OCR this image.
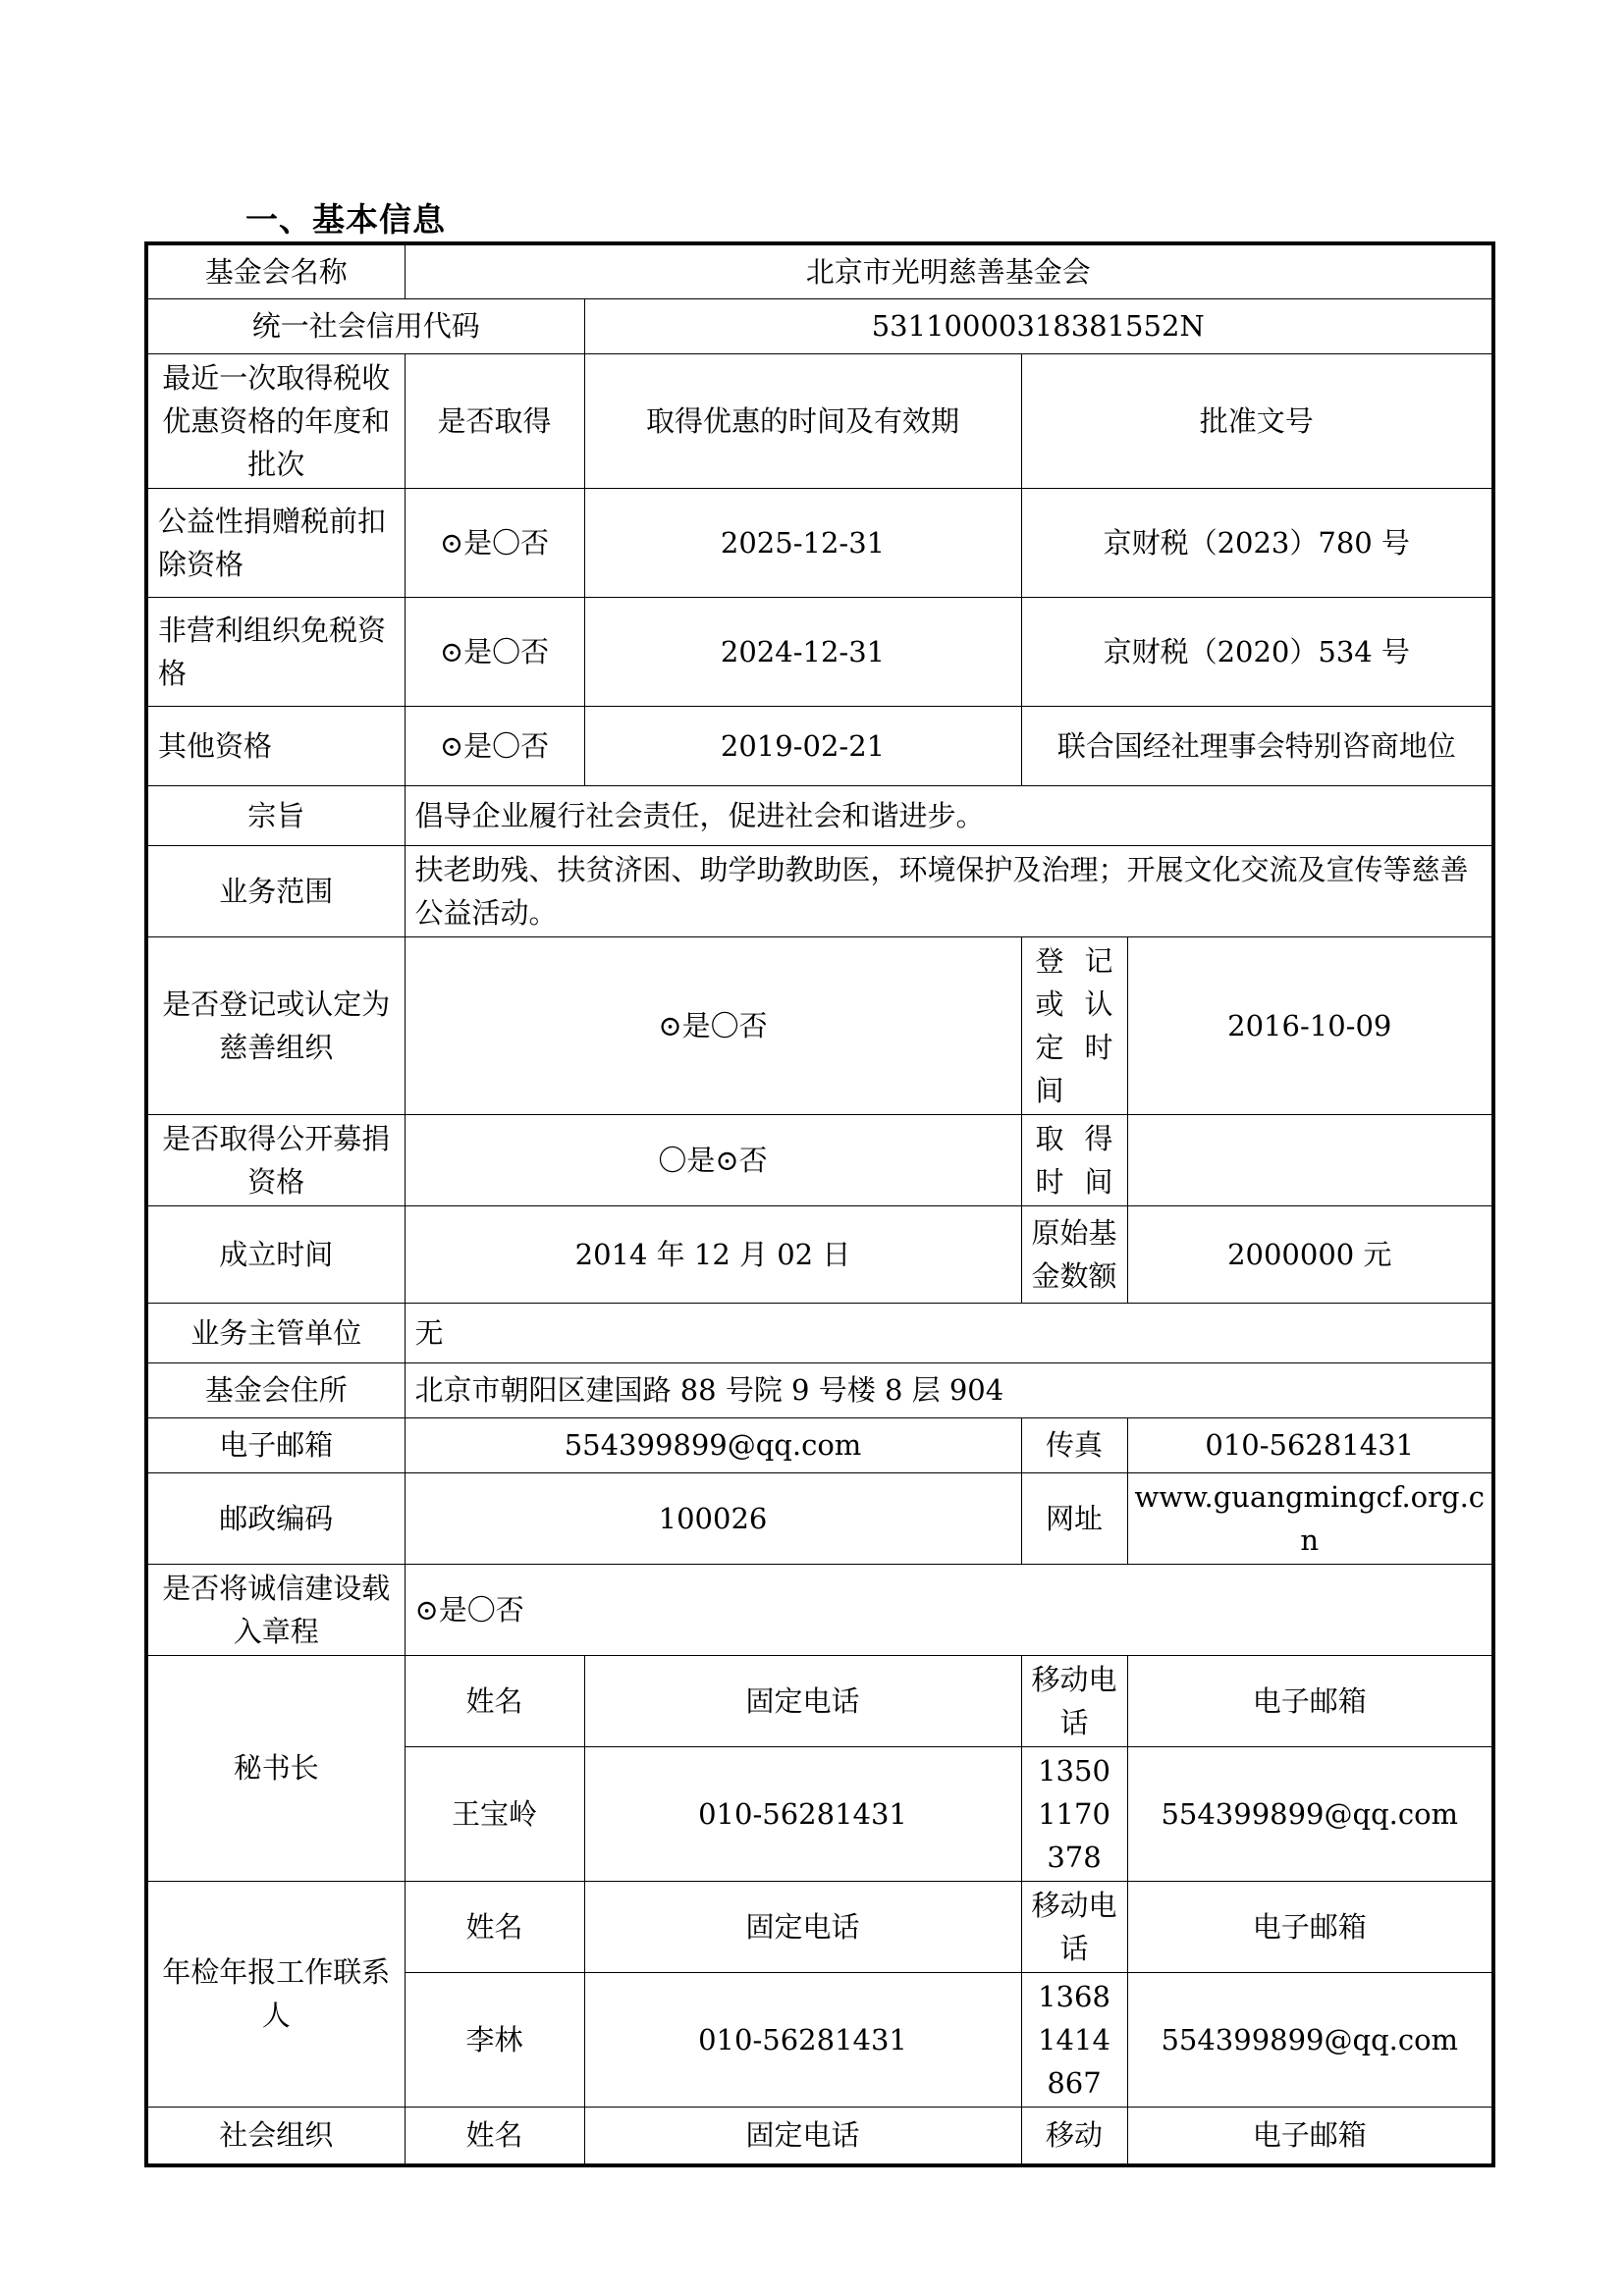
一、基本信息
基金会名称	北京市光明慈善基金会			
统一社会信用代码		53110000318381552N		
最近一次取得税收优惠资格的年度和批次	是否取得	取得优惠的时间及有效期	批准文号	
公益性捐赠税前扣除资格	⊙是〇否	2025-12-31	京财税（2023）780 号	
非营利组织免税资格	⊙是〇否	2024-12-31	京财税（2020）534 号	
其他资格	⊙是〇否	2019-02-21	联合国经社理事会特别咨商地位	
宗旨	倡导企业履行社会责任，促进社会和谐进步。			
业务范围	扶老助残、扶贫济困、助学助教助医，环境保护及治理；开展文化交流及宣传等慈善公益活动。			
是否登记或认定为慈善组织	⊙是〇否		登记或认定时间	2016-10-09
是否取得公开募捐资格	〇是⊙否		取得时间	
成立时间	2014 年 12 月 02 日		原始基金数额	2000000 元
业务主管单位	无			
基金会住所	北京市朝阳区建国路 88 号院 9 号楼 8 层 904			
电子邮箱	554399899@qq.com		传真	010-56281431
邮政编码	100026		网址	www.guangmingcf.org.cn
是否将诚信建设载入章程	⊙是〇否			
秘书长	姓名	固定电话	移动电话	电子邮箱
	王宝岭	010-56281431	13501170378	554399899@qq.com
年检年报工作联系人	姓名	固定电话	移动电话	电子邮箱
	李林	010-56281431	13681414867	554399899@qq.com
社会组织	姓名	固定电话	移动	电子邮箱
